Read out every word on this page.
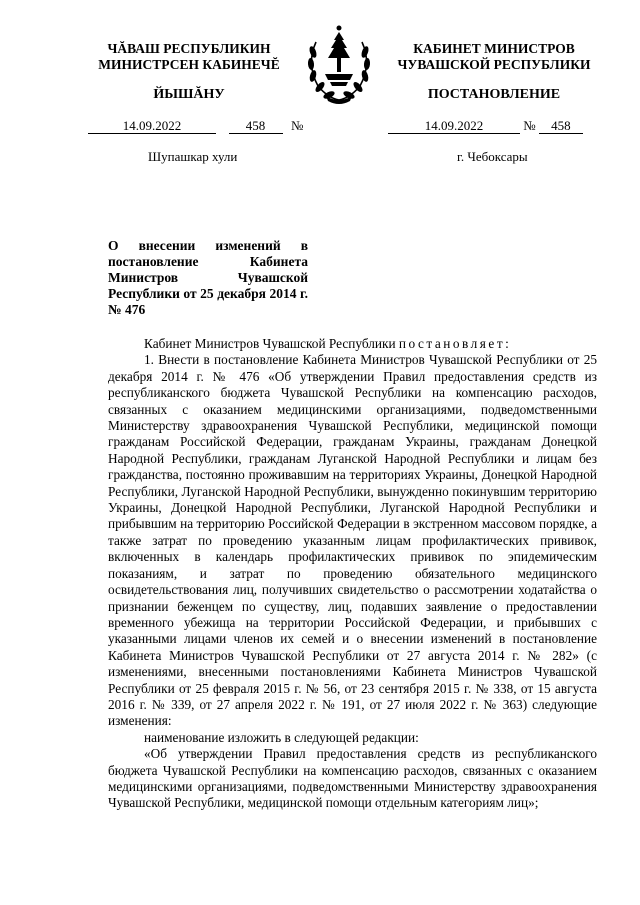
ЧĂВАШ РЕСПУБЛИКИН
МИНИСТРСЕН КАБИНЕЧĔ
ЙЫШĂНУ
КАБИНЕТ МИНИСТРОВ
ЧУВАШСКОЙ РЕСПУБЛИКИ
ПОСТАНОВЛЕНИЕ
14.09.2022	458 №	14.09.2022	№ 458
Шупашкар хули	г. Чебоксары
О внесении изменений в постановление Кабинета Министров Чувашской Республики от 25 декабря 2014 г. № 476

Кабинет Министров Чувашской Республики постановляет:

1. Внести в постановление Кабинета Министров Чувашской Республики от 25 декабря 2014 г. № 476 «Об утверждении Правил предоставления средств из республиканского бюджета Чувашской Республики на компенсацию расходов, связанных с оказанием медицинскими организациями, подведомственными Министерству здравоохранения Чувашской Республики, медицинской помощи гражданам Российской Федерации, гражданам Украины, гражданам Донецкой Народной Республики, гражданам Луганской Народной Республики и лицам без гражданства, постоянно проживавшим на территориях Украины, Донецкой Народной Республики, Луганской Народной Республики, вынужденно покинувшим территорию Украины, Донецкой Народной Республики, Луганской Народной Республики и прибывшим на территорию Российской Федерации в экстренном массовом порядке, а также затрат по проведению указанным лицам профилактических прививок, включенных в календарь профилактических прививок по эпидемическим показаниям, и затрат по проведению обязательного медицинского освидетельствования лиц, получивших свидетельство о рассмотрении ходатайства о признании беженцем по существу, лиц, подавших заявление о предоставлении временного убежища на территории Российской Федерации, и прибывших с указанными лицами членов их семей и о внесении изменений в постановление Кабинета Министров Чувашской Республики от 27 августа 2014 г. № 282» (с изменениями, внесенными постановлениями Кабинета Министров Чувашской Республики от 25 февраля 2015 г. № 56, от 23 сентября 2015 г. № 338, от 15 августа 2016 г. № 339, от 27 апреля 2022 г. № 191, от 27 июля 2022 г. № 363) следующие изменения:

наименование изложить в следующей редакции:

«Об утверждении Правил предоставления средств из республиканского бюджета Чувашской Республики на компенсацию расходов, связанных с оказанием медицинскими организациями, подведомственными Министерству здравоохранения Чувашской Республики, медицинской помощи отдельным категориям лиц»;
